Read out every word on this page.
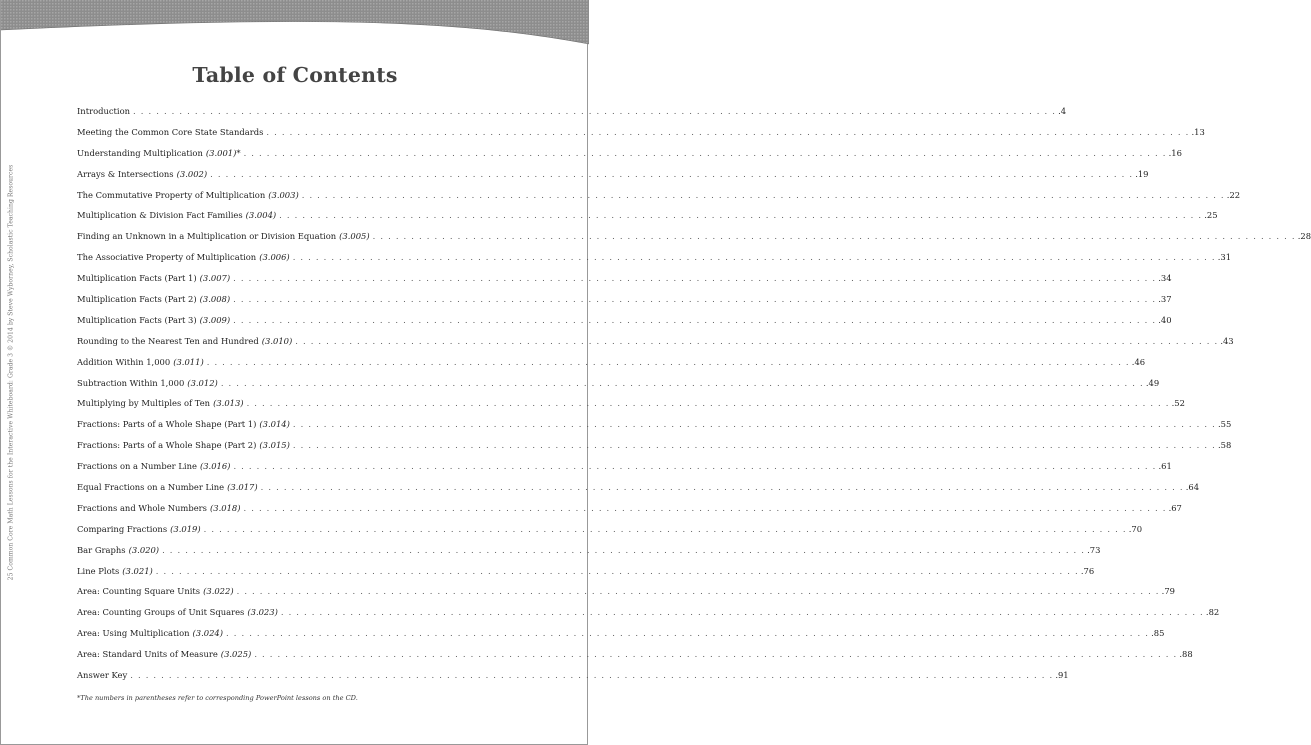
25 Common Core Math Lessons for the Interactive Whiteboard: Grade 3 © 2014 by Steve Wyborney, Scholastic Teaching Resources
Table of Contents
Introduction . . . . . . . . . . . . . . . . . . . . . . . . . . . . . . . . . . . . . . . . . . . . . . . . . . . . . . . . . . . . . . . . . . . . . . . . . . . . . . . . . . . . . . . . . . . . . . . . . . . . . . . . . . . . . . . . . . . . . . . . .4
Meeting the Common Core State Standards . . . . . . . . . . . . . . . . . . . . . . . . . . . . . . . . . . . . . . . . . . . . . . . . . . . . . . . . . . . . . . . . . . . . . . . . . . . . . . . . . . . . . . . . . . . . . . . . . . . . . . . . . . . . . . . . . . . . . . . . .13
Understanding Multiplication (3.001)* . . . . . . . . . . . . . . . . . . . . . . . . . . . . . . . . . . . . . . . . . . . . . . . . . . . . . . . . . . . . . . . . . . . . . . . . . . . . . . . . . . . . . . . . . . . . . . . . . . . . . . . . . . . . . . . . . . . . . . . . .16
Arrays & Intersections (3.002) . . . . . . . . . . . . . . . . . . . . . . . . . . . . . . . . . . . . . . . . . . . . . . . . . . . . . . . . . . . . . . . . . . . . . . . . . . . . . . . . . . . . . . . . . . . . . . . . . . . . . . . . . . . . . . . . . . . . . . . . .19
The Commutative Property of Multiplication (3.003) . . . . . . . . . . . . . . . . . . . . . . . . . . . . . . . . . . . . . . . . . . . . . . . . . . . . . . . . . . . . . . . . . . . . . . . . . . . . . . . . . . . . . . . . . . . . . . . . . . . . . . . . . . . . . . . . . . . . . . . . .22
Multiplication & Division Fact Families (3.004) . . . . . . . . . . . . . . . . . . . . . . . . . . . . . . . . . . . . . . . . . . . . . . . . . . . . . . . . . . . . . . . . . . . . . . . . . . . . . . . . . . . . . . . . . . . . . . . . . . . . . . . . . . . . . . . . . . . . . . . . .25
Finding an Unknown in a Multiplication or Division Equation (3.005) . . . . . . . . . . . . . . . . . . . . . . . . . . . . . . . . . . . . . . . . . . . . . . . . . . . . . . . . . . . . . . . . . . . . . . . . . . . . . . . . . . . . . . . . . . . . . . . . . . . . . . . . . . . . . . . . . . . . . . . . .28
The Associative Property of Multiplication (3.006) . . . . . . . . . . . . . . . . . . . . . . . . . . . . . . . . . . . . . . . . . . . . . . . . . . . . . . . . . . . . . . . . . . . . . . . . . . . . . . . . . . . . . . . . . . . . . . . . . . . . . . . . . . . . . . . . . . . . . . . . .31
Multiplication Facts (Part 1) (3.007) . . . . . . . . . . . . . . . . . . . . . . . . . . . . . . . . . . . . . . . . . . . . . . . . . . . . . . . . . . . . . . . . . . . . . . . . . . . . . . . . . . . . . . . . . . . . . . . . . . . . . . . . . . . . . . . . . . . . . . . . .34
Multiplication Facts (Part 2) (3.008) . . . . . . . . . . . . . . . . . . . . . . . . . . . . . . . . . . . . . . . . . . . . . . . . . . . . . . . . . . . . . . . . . . . . . . . . . . . . . . . . . . . . . . . . . . . . . . . . . . . . . . . . . . . . . . . . . . . . . . . . .37
Multiplication Facts (Part 3) (3.009) . . . . . . . . . . . . . . . . . . . . . . . . . . . . . . . . . . . . . . . . . . . . . . . . . . . . . . . . . . . . . . . . . . . . . . . . . . . . . . . . . . . . . . . . . . . . . . . . . . . . . . . . . . . . . . . . . . . . . . . . .40
Rounding to the Nearest Ten and Hundred (3.010) . . . . . . . . . . . . . . . . . . . . . . . . . . . . . . . . . . . . . . . . . . . . . . . . . . . . . . . . . . . . . . . . . . . . . . . . . . . . . . . . . . . . . . . . . . . . . . . . . . . . . . . . . . . . . . . . . . . . . . . . .43
Addition Within 1,000 (3.011) . . . . . . . . . . . . . . . . . . . . . . . . . . . . . . . . . . . . . . . . . . . . . . . . . . . . . . . . . . . . . . . . . . . . . . . . . . . . . . . . . . . . . . . . . . . . . . . . . . . . . . . . . . . . . . . . . . . . . . . . .46
Subtraction Within 1,000 (3.012) . . . . . . . . . . . . . . . . . . . . . . . . . . . . . . . . . . . . . . . . . . . . . . . . . . . . . . . . . . . . . . . . . . . . . . . . . . . . . . . . . . . . . . . . . . . . . . . . . . . . . . . . . . . . . . . . . . . . . . . . .49
Multiplying by Multiples of Ten (3.013) . . . . . . . . . . . . . . . . . . . . . . . . . . . . . . . . . . . . . . . . . . . . . . . . . . . . . . . . . . . . . . . . . . . . . . . . . . . . . . . . . . . . . . . . . . . . . . . . . . . . . . . . . . . . . . . . . . . . . . . . .52
Fractions: Parts of a Whole Shape (Part 1) (3.014) . . . . . . . . . . . . . . . . . . . . . . . . . . . . . . . . . . . . . . . . . . . . . . . . . . . . . . . . . . . . . . . . . . . . . . . . . . . . . . . . . . . . . . . . . . . . . . . . . . . . . . . . . . . . . . . . . . . . . . . . .55
Fractions: Parts of a Whole Shape (Part 2) (3.015) . . . . . . . . . . . . . . . . . . . . . . . . . . . . . . . . . . . . . . . . . . . . . . . . . . . . . . . . . . . . . . . . . . . . . . . . . . . . . . . . . . . . . . . . . . . . . . . . . . . . . . . . . . . . . . . . . . . . . . . . .58
Fractions on a Number Line (3.016) . . . . . . . . . . . . . . . . . . . . . . . . . . . . . . . . . . . . . . . . . . . . . . . . . . . . . . . . . . . . . . . . . . . . . . . . . . . . . . . . . . . . . . . . . . . . . . . . . . . . . . . . . . . . . . . . . . . . . . . . .61
Equal Fractions on a Number Line (3.017) . . . . . . . . . . . . . . . . . . . . . . . . . . . . . . . . . . . . . . . . . . . . . . . . . . . . . . . . . . . . . . . . . . . . . . . . . . . . . . . . . . . . . . . . . . . . . . . . . . . . . . . . . . . . . . . . . . . . . . . . .64
Fractions and Whole Numbers (3.018) . . . . . . . . . . . . . . . . . . . . . . . . . . . . . . . . . . . . . . . . . . . . . . . . . . . . . . . . . . . . . . . . . . . . . . . . . . . . . . . . . . . . . . . . . . . . . . . . . . . . . . . . . . . . . . . . . . . . . . . . .67
Comparing Fractions (3.019) . . . . . . . . . . . . . . . . . . . . . . . . . . . . . . . . . . . . . . . . . . . . . . . . . . . . . . . . . . . . . . . . . . . . . . . . . . . . . . . . . . . . . . . . . . . . . . . . . . . . . . . . . . . . . . . . . . . . . . . . .70
Bar Graphs (3.020) . . . . . . . . . . . . . . . . . . . . . . . . . . . . . . . . . . . . . . . . . . . . . . . . . . . . . . . . . . . . . . . . . . . . . . . . . . . . . . . . . . . . . . . . . . . . . . . . . . . . . . . . . . . . . . . . . . . . . . . . .73
Line Plots (3.021) . . . . . . . . . . . . . . . . . . . . . . . . . . . . . . . . . . . . . . . . . . . . . . . . . . . . . . . . . . . . . . . . . . . . . . . . . . . . . . . . . . . . . . . . . . . . . . . . . . . . . . . . . . . . . . . . . . . . . . . . .76
Area: Counting Square Units (3.022) . . . . . . . . . . . . . . . . . . . . . . . . . . . . . . . . . . . . . . . . . . . . . . . . . . . . . . . . . . . . . . . . . . . . . . . . . . . . . . . . . . . . . . . . . . . . . . . . . . . . . . . . . . . . . . . . . . . . . . . . .79
Area: Counting Groups of Unit Squares (3.023) . . . . . . . . . . . . . . . . . . . . . . . . . . . . . . . . . . . . . . . . . . . . . . . . . . . . . . . . . . . . . . . . . . . . . . . . . . . . . . . . . . . . . . . . . . . . . . . . . . . . . . . . . . . . . . . . . . . . . . . . .82
Area: Using Multiplication (3.024) . . . . . . . . . . . . . . . . . . . . . . . . . . . . . . . . . . . . . . . . . . . . . . . . . . . . . . . . . . . . . . . . . . . . . . . . . . . . . . . . . . . . . . . . . . . . . . . . . . . . . . . . . . . . . . . . . . . . . . . . .85
Area: Standard Units of Measure (3.025) . . . . . . . . . . . . . . . . . . . . . . . . . . . . . . . . . . . . . . . . . . . . . . . . . . . . . . . . . . . . . . . . . . . . . . . . . . . . . . . . . . . . . . . . . . . . . . . . . . . . . . . . . . . . . . . . . . . . . . . . .88
Answer Key . . . . . . . . . . . . . . . . . . . . . . . . . . . . . . . . . . . . . . . . . . . . . . . . . . . . . . . . . . . . . . . . . . . . . . . . . . . . . . . . . . . . . . . . . . . . . . . . . . . . . . . . . . . . . . . . . . . . . . . . .91
*The numbers in parentheses refer to corresponding PowerPoint lessons on the CD.
